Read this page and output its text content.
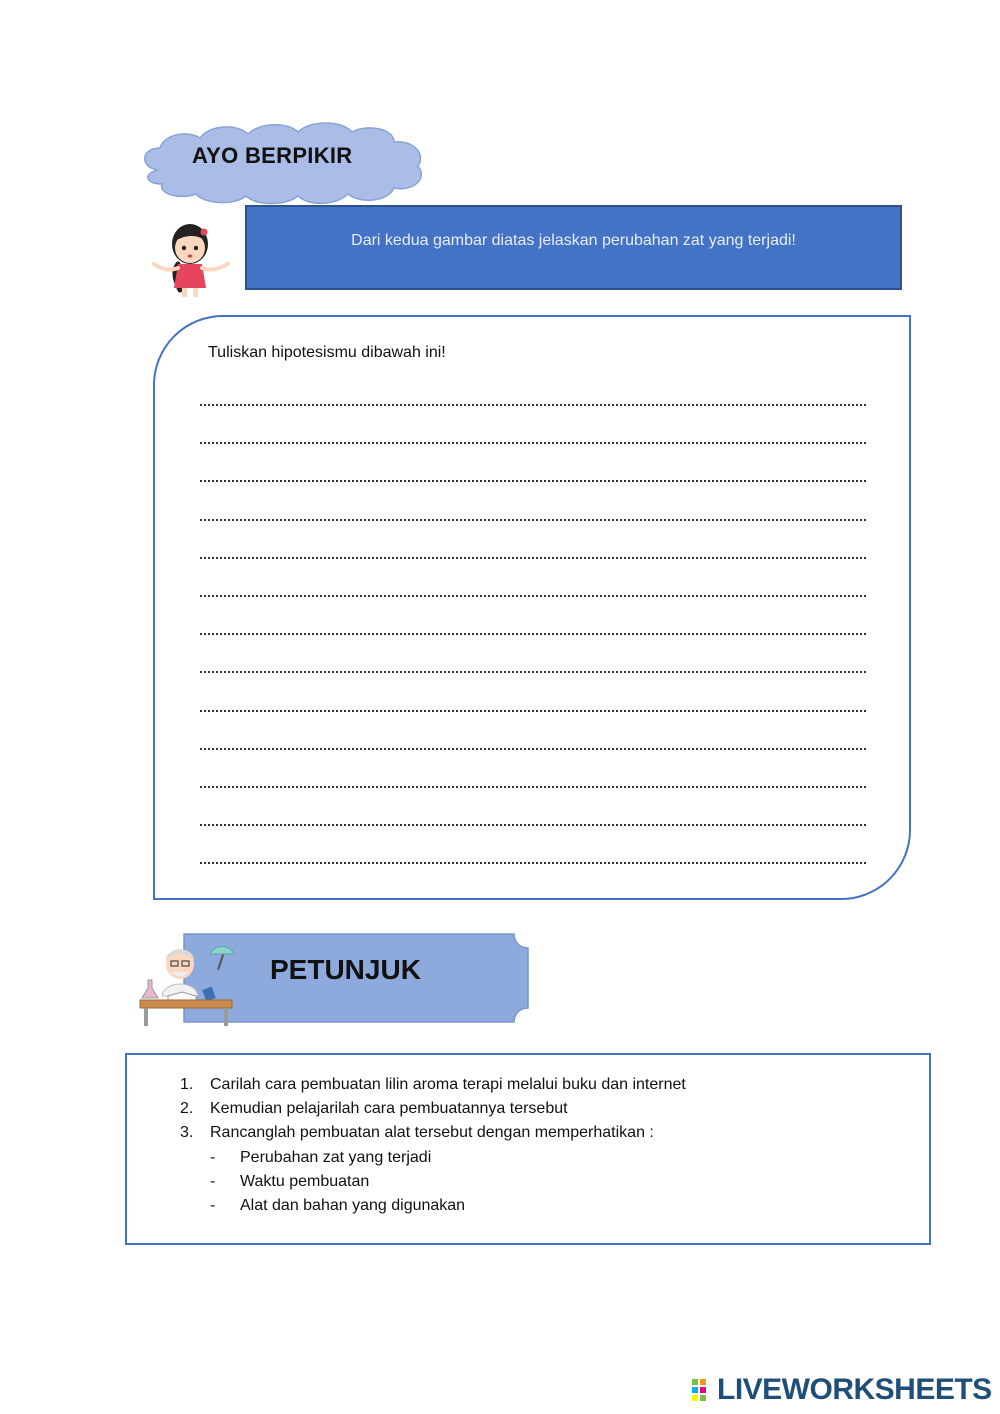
AYO BERPIKIR
Dari kedua gambar diatas jelaskan perubahan zat yang terjadi!
Tuliskan hipotesismu dibawah ini!
PETUNJUK
1.	Carilah cara pembuatan lilin aroma terapi melalui buku dan internet
2.	Kemudian pelajarilah cara pembuatannya tersebut
3.	Rancanglah pembuatan alat tersebut dengan memperhatikan :
- Perubahan zat yang terjadi
- Waktu pembuatan
- Alat dan bahan yang digunakan
LIVEWORKSHEETS
